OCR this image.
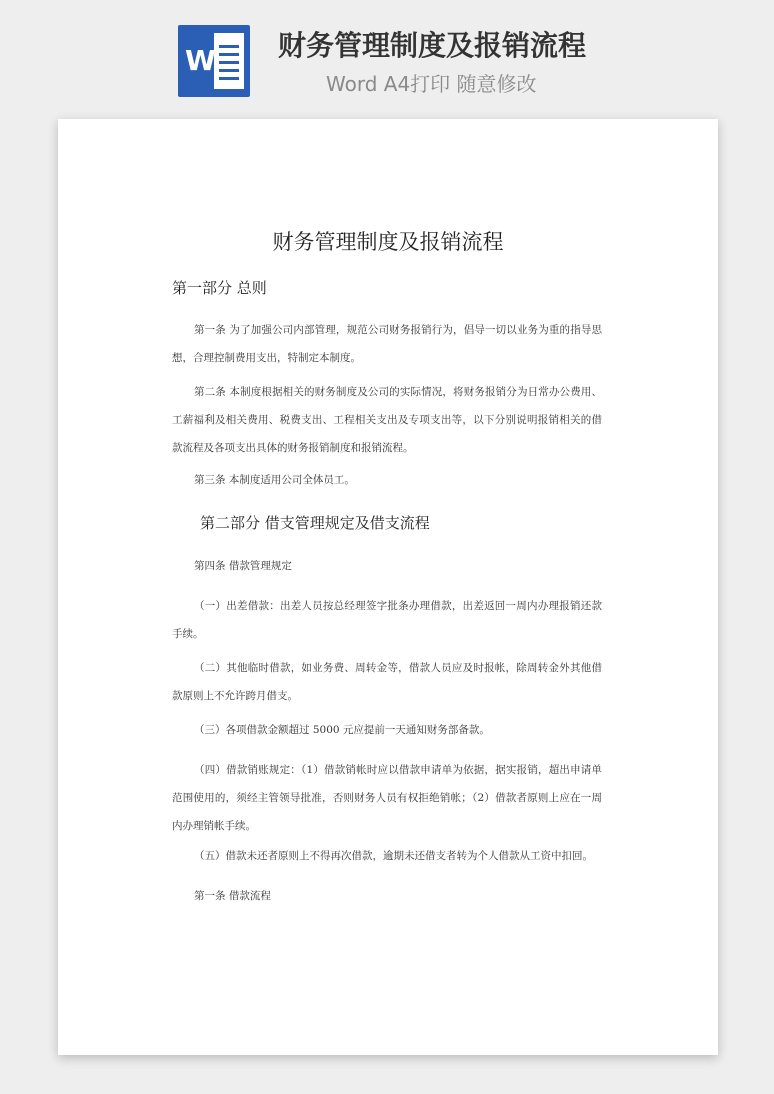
W 财务管理制度及报销流程
Word A4打印 随意修改
财务管理制度及报销流程
第一部分 总则
第一条 为了加强公司内部管理，规范公司财务报销行为，倡导一切以业务为重的指导思想，合理控制费用支出，特制定本制度。
第二条 本制度根据相关的财务制度及公司的实际情况，将财务报销分为日常办公费用、工薪福利及相关费用、税费支出、工程相关支出及专项支出等，以下分别说明报销相关的借款流程及各项支出具体的财务报销制度和报销流程。
第三条 本制度适用公司全体员工。
第二部分 借支管理规定及借支流程
第四条 借款管理规定
（一）出差借款：出差人员按总经理签字批条办理借款，出差返回一周内办理报销还款手续。
（二）其他临时借款，如业务费、周转金等，借款人员应及时报帐，除周转金外其他借款原则上不允许跨月借支。
（三）各项借款金额超过 5000 元应提前一天通知财务部备款。
（四）借款销账规定：（1）借款销帐时应以借款申请单为依据，据实报销，超出申请单范围使用的，须经主管领导批准，否则财务人员有权拒绝销帐；（2）借款者原则上应在一周内办理销帐手续。
（五）借款未还者原则上不得再次借款，逾期未还借支者转为个人借款从工资中扣回。
第一条 借款流程
